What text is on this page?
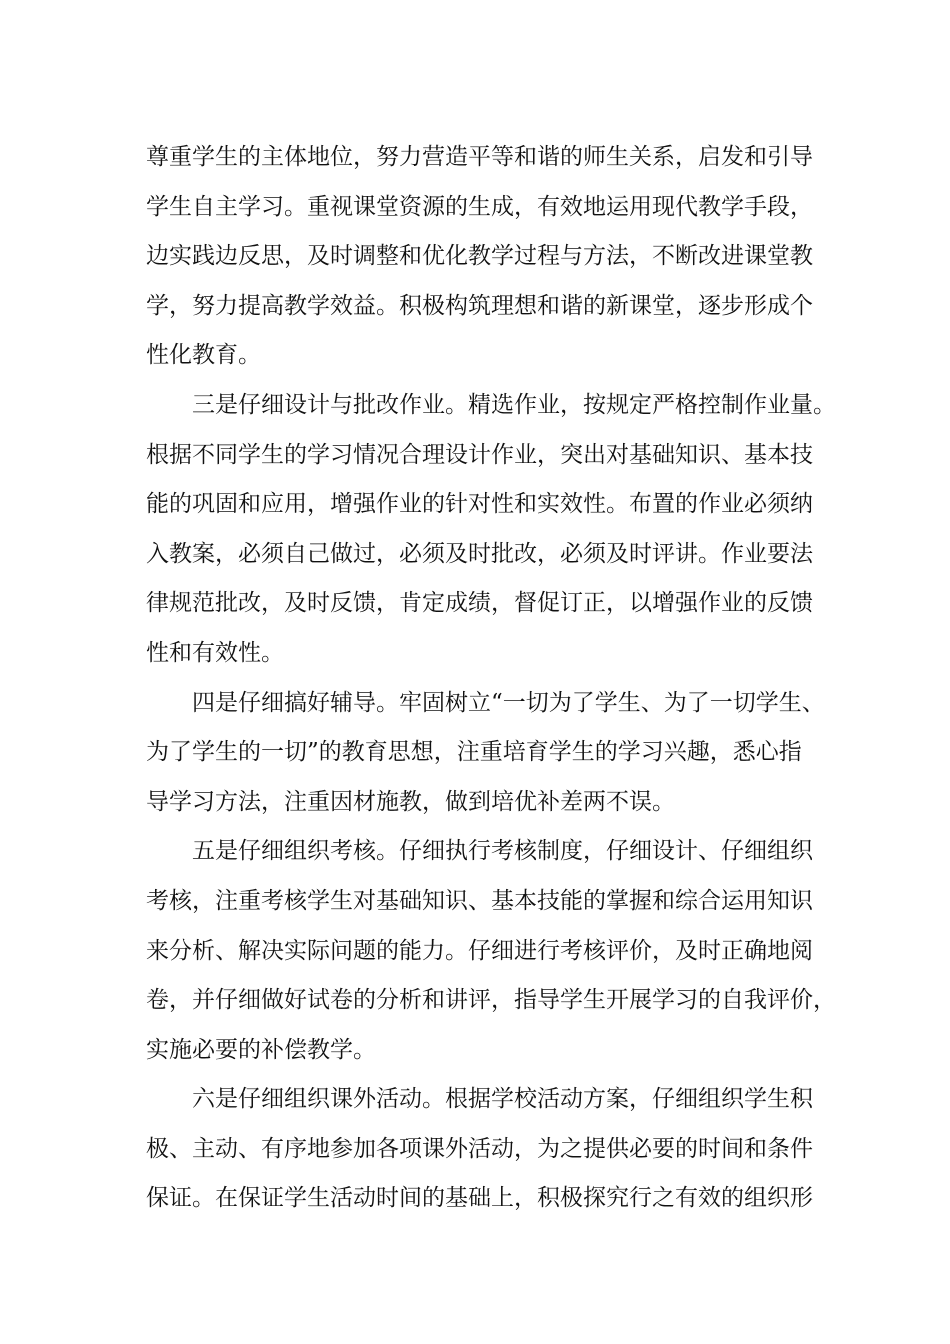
尊重学生的主体地位，努力营造平等和谐的师生关系，启发和引导
学生自主学习。重视课堂资源的生成，有效地运用现代教学手段，
边实践边反思，及时调整和优化教学过程与方法，不断改进课堂教
学，努力提高教学效益。积极构筑理想和谐的新课堂，逐步形成个
性化教育。
三是仔细设计与批改作业。精选作业，按规定严格控制作业量。
根据不同学生的学习情况合理设计作业，突出对基础知识、基本技
能的巩固和应用，增强作业的针对性和实效性。布置的作业必须纳
入教案，必须自己做过，必须及时批改，必须及时评讲。作业要法
律规范批改，及时反馈，肯定成绩，督促订正，以增强作业的反馈
性和有效性。
四是仔细搞好辅导。牢固树立“一切为了学生、为了一切学生、
为了学生的一切”的教育思想，注重培育学生的学习兴趣，悉心指
导学习方法，注重因材施教，做到培优补差两不误。
五是仔细组织考核。仔细执行考核制度，仔细设计、仔细组织
考核，注重考核学生对基础知识、基本技能的掌握和综合运用知识
来分析、解决实际问题的能力。仔细进行考核评价，及时正确地阅
卷，并仔细做好试卷的分析和讲评，指导学生开展学习的自我评价，
实施必要的补偿教学。
六是仔细组织课外活动。根据学校活动方案，仔细组织学生积
极、主动、有序地参加各项课外活动，为之提供必要的时间和条件
保证。在保证学生活动时间的基础上，积极探究行之有效的组织形
